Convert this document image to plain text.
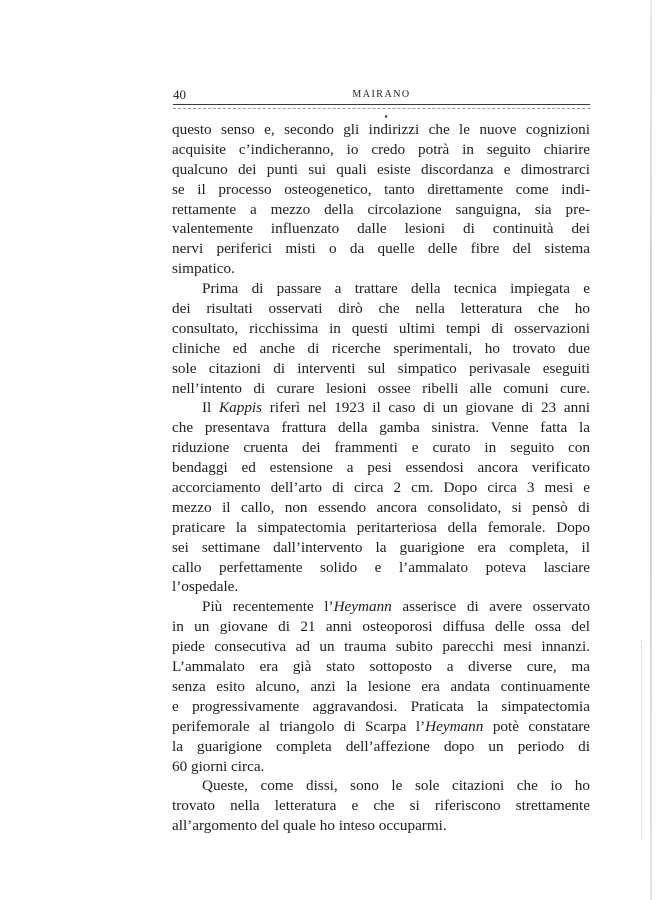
40	MAIRANO
questo senso e, secondo gli indirizzi che le nuove cognizioni
acquisite c’indicheranno, io credo potrà in seguito chiarire
qualcuno dei punti sui quali esiste discordanza e dimostrarci
se il processo osteogenetico, tanto direttamente come indi-
rettamente a mezzo della circolazione sanguigna, sia pre-
valentemente influenzato dalle lesioni di continuità dei
nervi periferici misti o da quelle delle fibre del sistema
simpatico.
Prima di passare a trattare della tecnica impiegata e
dei risultati osservati dirò che nella letteratura che ho
consultato, ricchissima in questi ultimi tempi di osservazioni
cliniche ed anche di ricerche sperimentali, ho trovato due
sole citazioni di interventi sul simpatico perivasale eseguiti
nell’intento di curare lesioni ossee ribelli alle comuni cure.
Il Kappis riferì nel 1923 il caso di un giovane di 23 anni
che presentava frattura della gamba sinistra. Venne fatta la
riduzione cruenta dei frammenti e curato in seguito con
bendaggi ed estensione a pesi essendosi ancora verificato
accorciamento dell’arto di circa 2 cm. Dopo circa 3 mesi e
mezzo il callo, non essendo ancora consolidato, si pensò di
praticare la simpatectomia peritarteriosa della femorale. Dopo
sei settimane dall’intervento la guarigione era completa, il
callo perfettamente solido e l’ammalato poteva lasciare
l’ospedale.
Più recentemente l’Heymann asserisce di avere osservato
in un giovane di 21 anni osteoporosi diffusa delle ossa del
piede consecutiva ad un trauma subito parecchi mesi innanzi.
L’ammalato era già stato sottoposto a diverse cure, ma
senza esito alcuno, anzi la lesione era andata continuamente
e progressivamente aggravandosi. Praticata la simpatectomia
perifemorale al triangolo di Scarpa l’Heymann potè constatare
la guarigione completa dell’affezione dopo un periodo di
60 giorni circa.
Queste, come dissi, sono le sole citazioni che io ho
trovato nella letteratura e che si riferiscono strettamente
all’argomento del quale ho inteso occuparmi.
